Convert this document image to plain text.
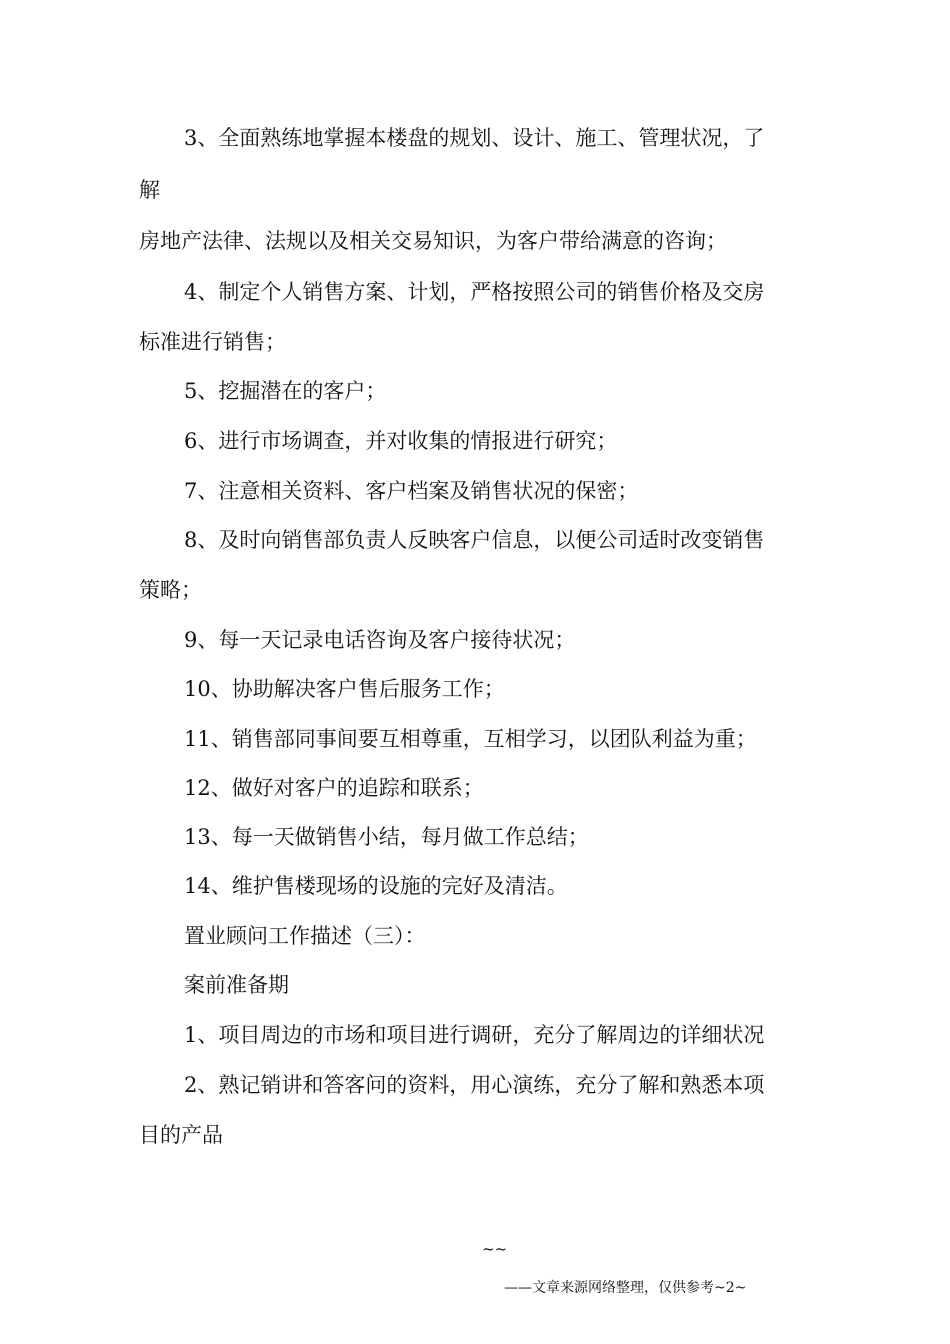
3、全面熟练地掌握本楼盘的规划、设计、施工、管理状况，了
解
房地产法律、法规以及相关交易知识，为客户带给满意的咨询；
4、制定个人销售方案、计划，严格按照公司的销售价格及交房
标准进行销售；
5、挖掘潜在的客户；
6、进行市场调查，并对收集的情报进行研究；
7、注意相关资料、客户档案及销售状况的保密；
8、及时向销售部负责人反映客户信息，以便公司适时改变销售
策略；
9、每一天记录电话咨询及客户接待状况；
10、协助解决客户售后服务工作；
11、销售部同事间要互相尊重，互相学习，以团队利益为重；
12、做好对客户的追踪和联系；
13、每一天做销售小结，每月做工作总结；
14、维护售楼现场的设施的完好及清洁。
置业顾问工作描述（三）：
案前准备期
1、项目周边的市场和项目进行调研，充分了解周边的详细状况
2、熟记销讲和答客问的资料，用心演练，充分了解和熟悉本项
目的产品
~~
——文章来源网络整理，仅供参考~2~
